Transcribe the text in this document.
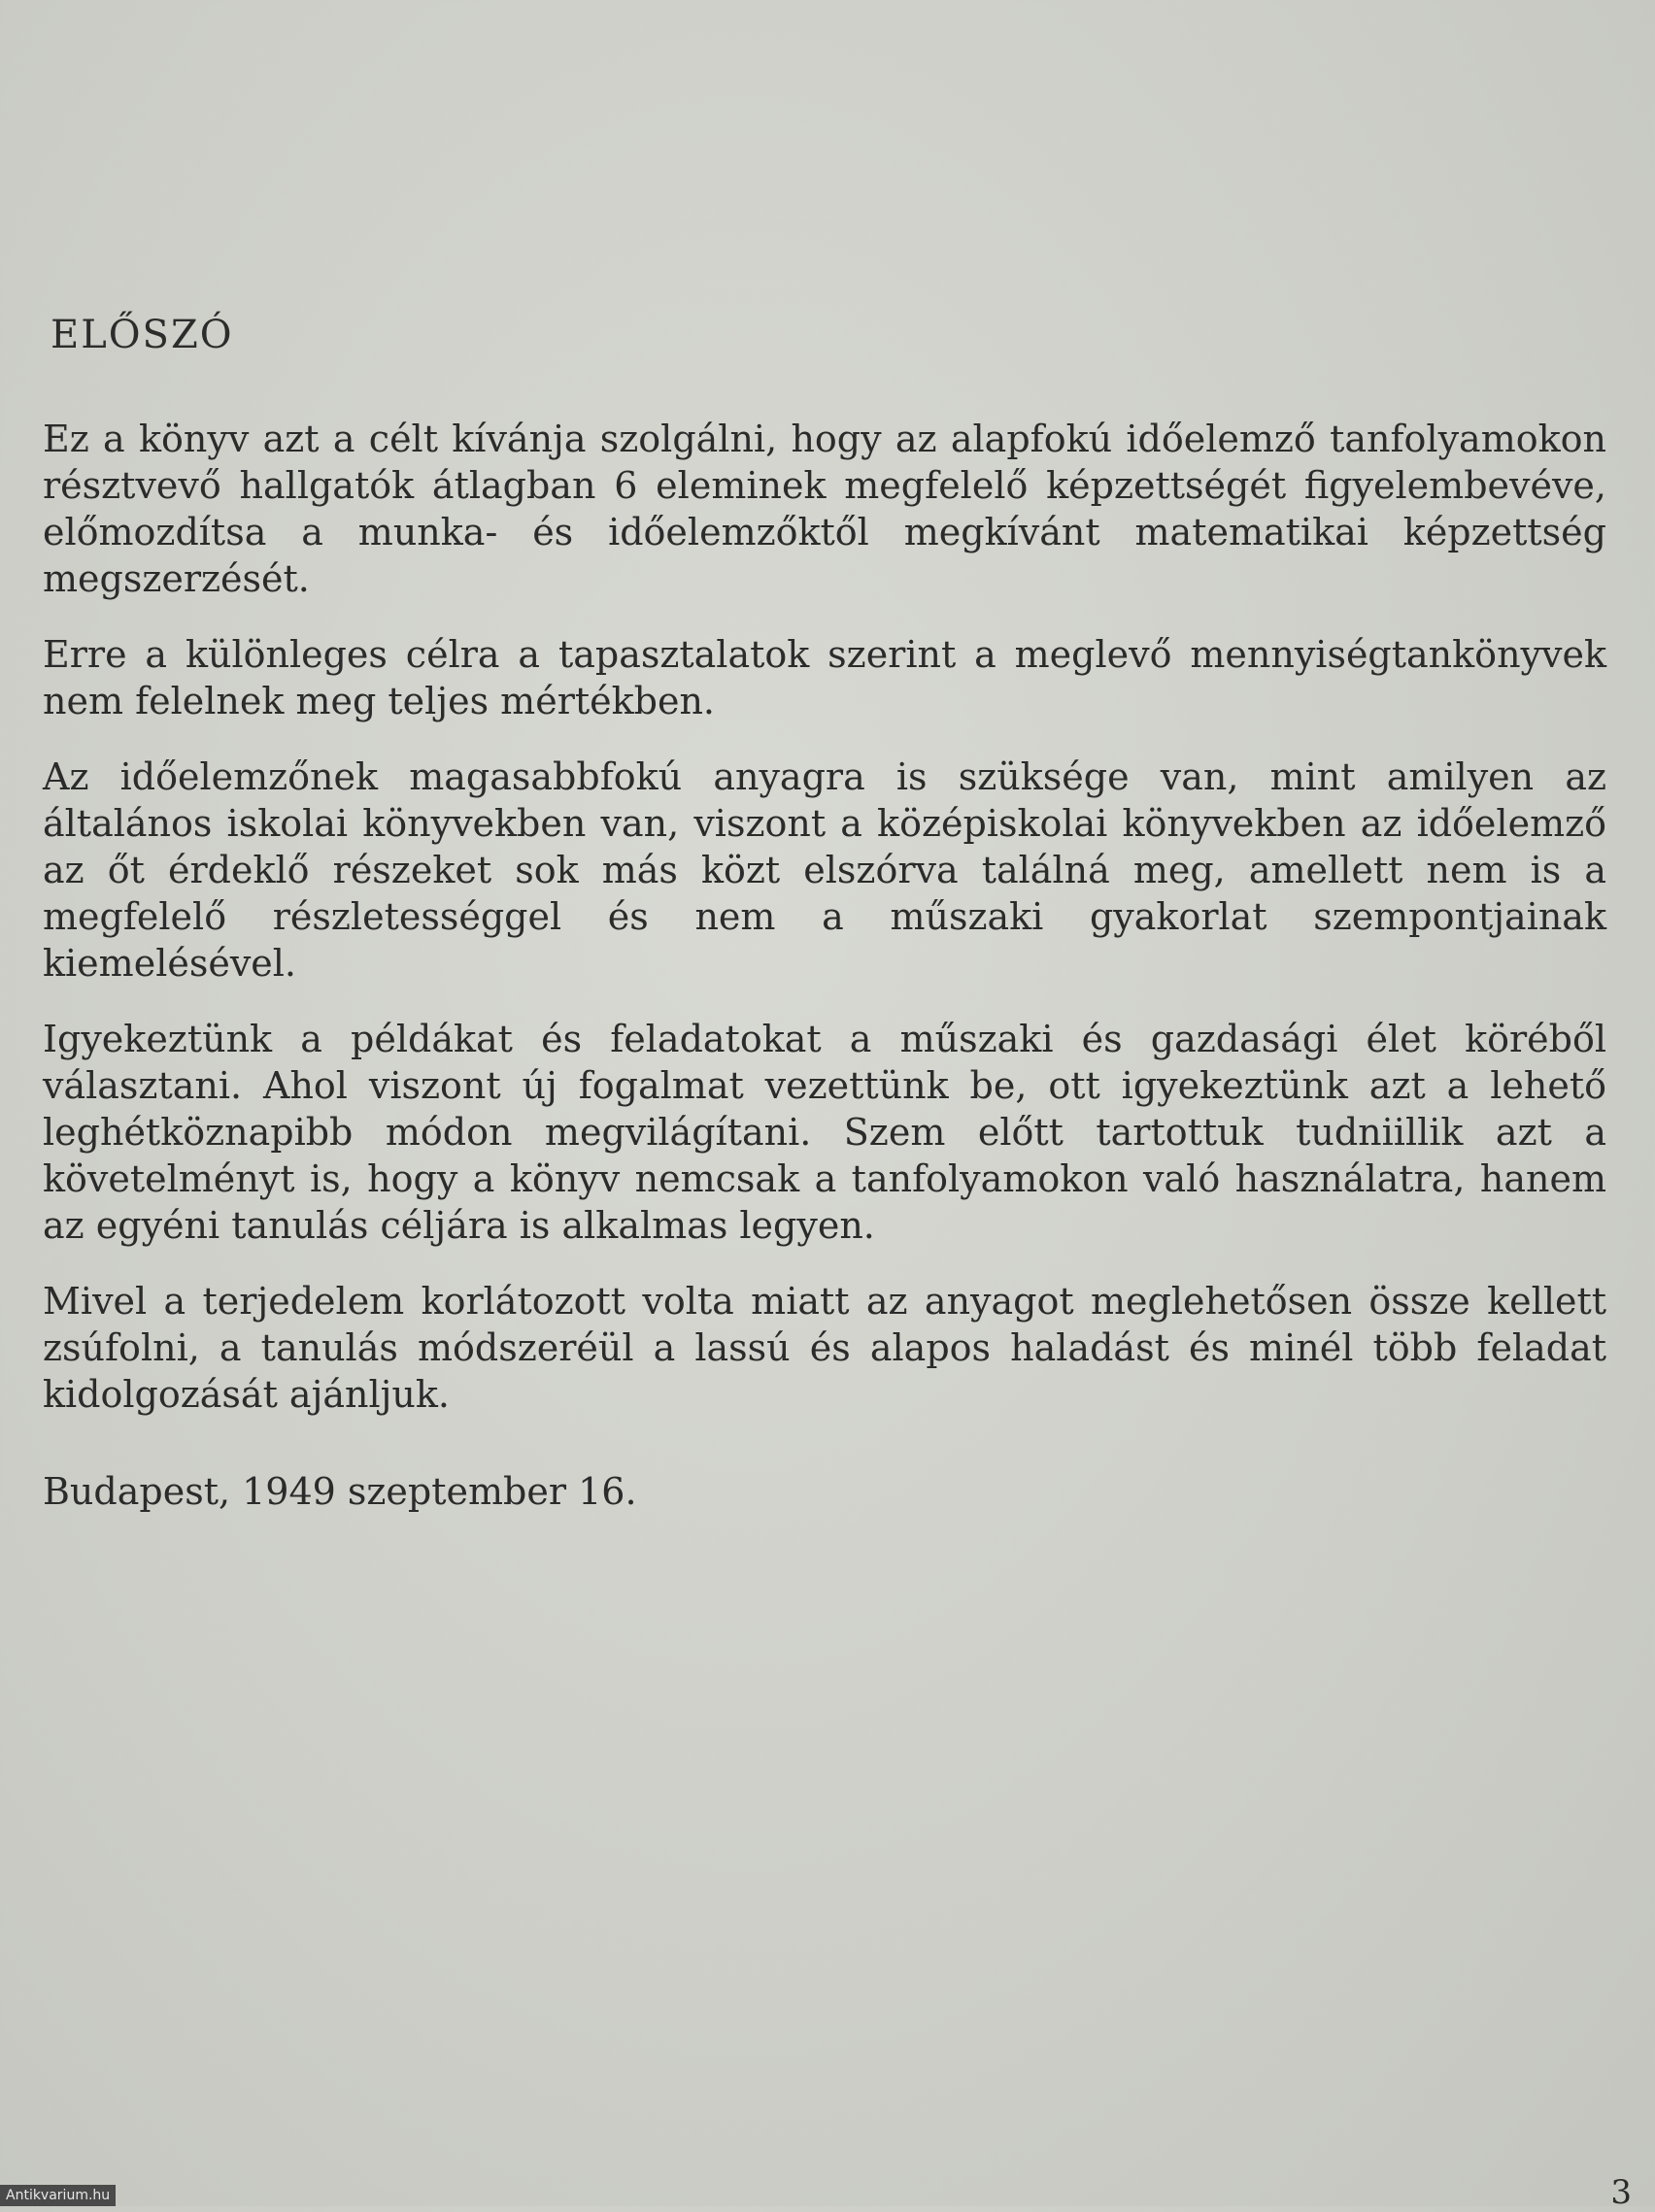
ELŐSZÓ

Ez a könyv azt a célt kívánja szolgálni, hogy az alapfokú időelemző tanfolyamokon résztvevő hallgatók átlagban 6 eleminek megfelelő képzettségét figyelembevéve, előmozdítsa a munka- és időelemzőktől megkívánt matematikai képzettség megszerzését.

Erre a különleges célra a tapasztalatok szerint a meglevő mennyiségtankönyvek nem felelnek meg teljes mértékben.

Az időelemzőnek magasabbfokú anyagra is szüksége van, mint amilyen az általános iskolai könyvekben van, viszont a középiskolai könyvekben az időelemző az őt érdeklő részeket sok más közt elszórva találná meg, amellett nem is a megfelelő részletességgel és nem a műszaki gyakorlat szempontjainak kiemelésével.

Igyekeztünk a példákat és feladatokat a műszaki és gazdasági élet köréből választani. Ahol viszont új fogalmat vezettünk be, ott igyekeztünk azt a lehető leghétköznapibb módon megvilágítani. Szem előtt tartottuk tudniillik azt a követelményt is, hogy a könyv nemcsak a tanfolyamokon való használatra, hanem az egyéni tanulás céljára is alkalmas legyen.

Mivel a terjedelem korlátozott volta miatt az anyagot meglehetősen össze kellett zsúfolni, a tanulás módszeréül a lassú és alapos haladást és minél több feladat kidolgozását ajánljuk.

Budapest, 1949 szeptember 16.
3
Antikvarium.hu
